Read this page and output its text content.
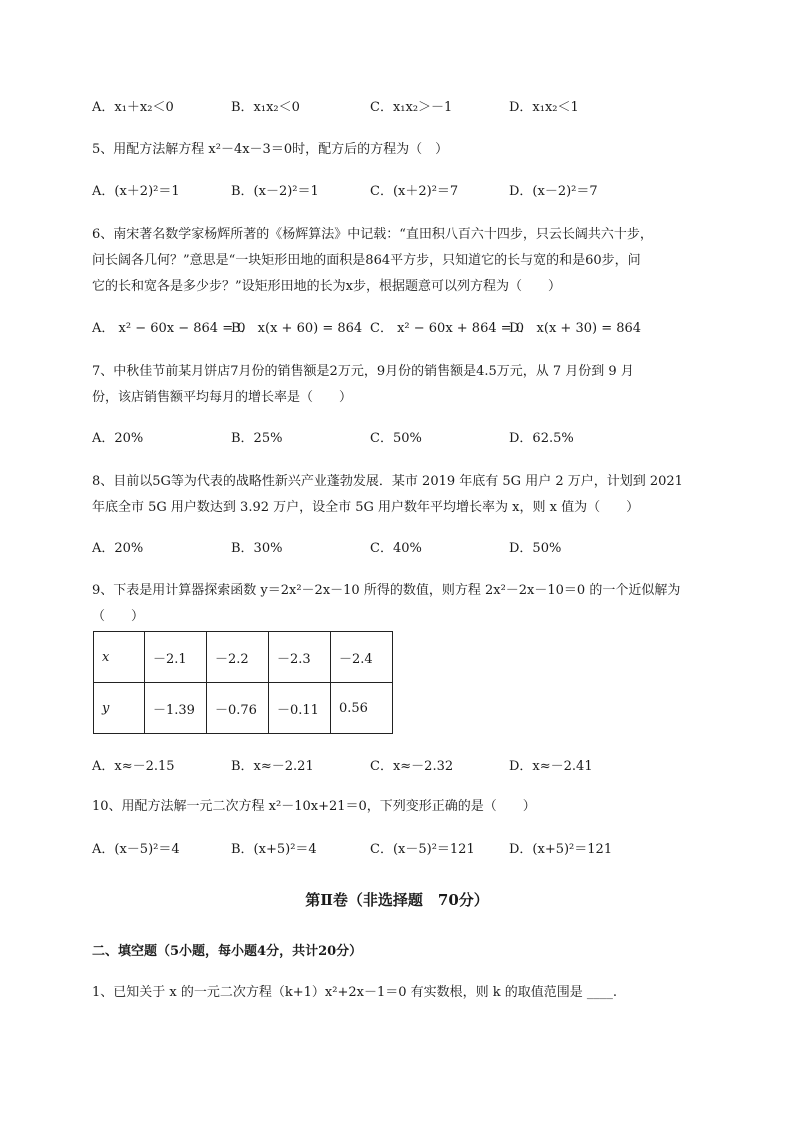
A．x₁＋x₂＜0	B．x₁x₂＜0	C．x₁x₂＞－1	D．x₁x₂＜1
5、用配方法解方程 x²－4x－3＝0时，配方后的方程为（　）
A．(x＋2)²＝1	B．(x－2)²＝1	C．(x＋2)²＝7	D．(x－2)²＝7

6、南宋著名数学家杨辉所著的《杨辉算法》中记载：“直田积八百六十四步，只云长阔共六十步，

问长阔各几何？”意思是“一块矩形田地的面积是864平方步，只知道它的长与宽的和是60步，问

它的长和宽各是多少步？”设矩形田地的长为x步，根据题意可以列方程为（　　）

A． x² − 60x − 864 = 0
B． x(x + 60) = 864 C． x² − 60x + 864 = 0
D． x(x + 30) = 864

7、中秋佳节前某月饼店7月份的销售额是2万元，9月份的销售额是4.5万元，从 7 月份到 9 月

份，该店销售额平均每月的增长率是（　　）

A．20%	B．25%	C．50%	D．62.5%

8、目前以5G等为代表的战略性新兴产业蓬勃发展．某市 2019 年底有 5G 用户 2 万户，计划到 2021

年底全市 5G 用户数达到 3.92 万户，设全市 5G 用户数年平均增长率为 x，则 x 值为（　　）

A．20%	B．30%	C．40%	D．50%

9、下表是用计算器探索函数 y＝2x²－2x－10 所得的数值，则方程 2x²－2x－10＝0 的一个近似解为

（　　）

x	－2.1	－2.2	－2.3	－2.4
y	－1.39	－0.76	－0.11	0.56
A．x≈－2.15	B．x≈－2.21	C．x≈－2.32	D．x≈－2.41
10、用配方法解一元二次方程 x²－10x+21＝0，下列变形正确的是（　　）
A．(x－5)²＝4	B．(x+5)²＝4	C．(x－5)²＝121	D．(x+5)²＝121
第Ⅱ卷（非选择题　70分）
二、填空题（5小题，每小题4分，共计20分）
1、已知关于 x 的一元二次方程（k+1）x²+2x－1＝0 有实数根，则 k 的取值范围是 ____.
